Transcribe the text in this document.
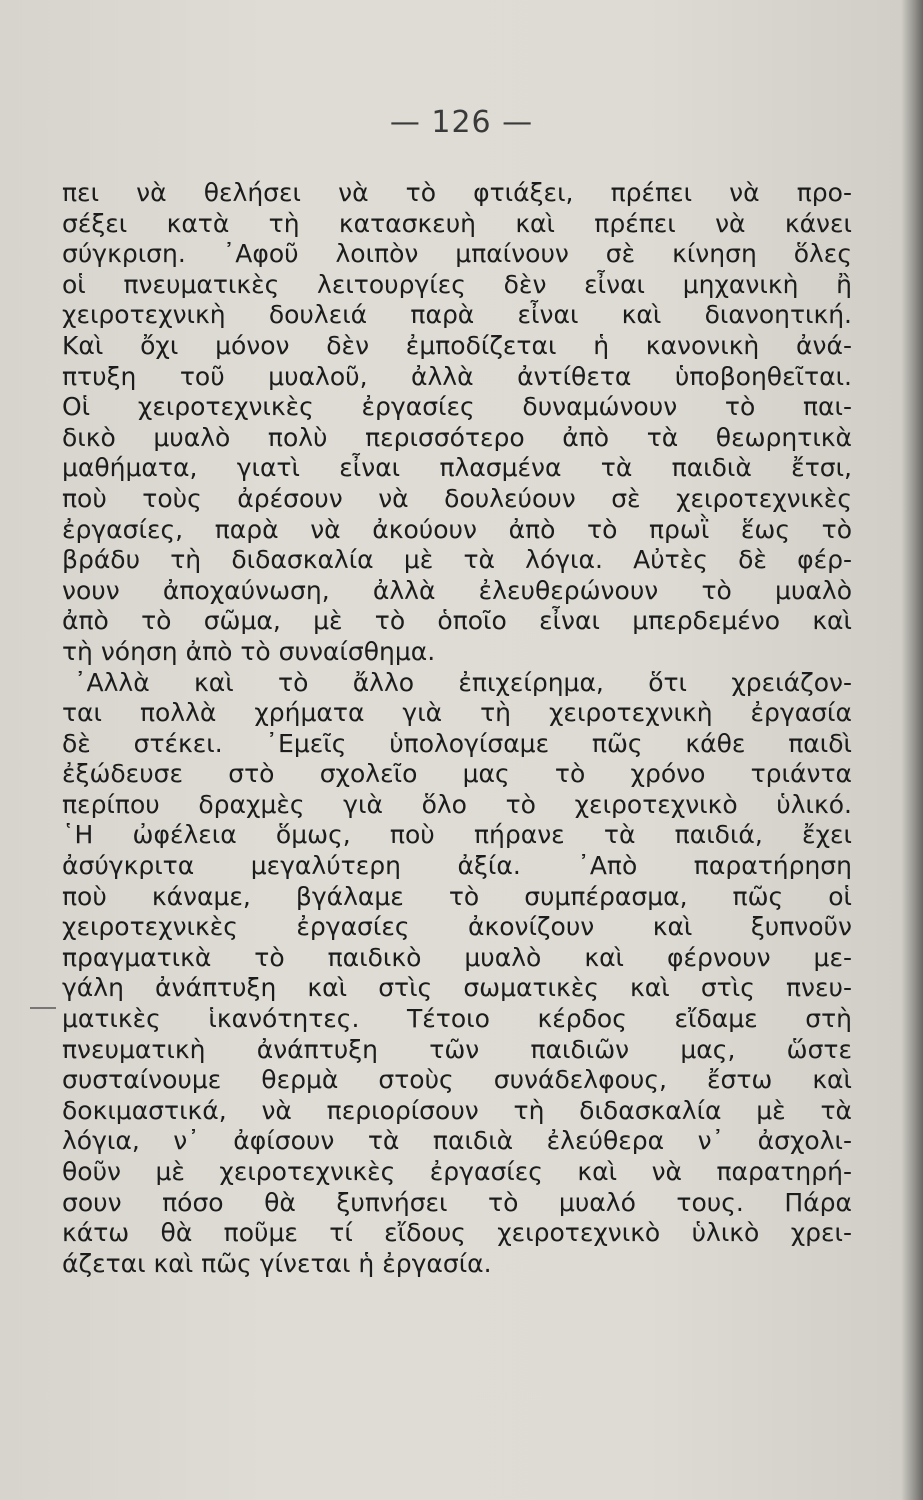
— 126 —
πει νὰ θελήσει νὰ τὸ φτιάξει, πρέπει νὰ προ-
σέξει κατὰ τὴ κατασκευὴ καὶ πρέπει νὰ κάνει
σύγκριση. ᾿Αφοῦ λοιπὸν μπαίνουν σὲ κίνηση ὅλες
οἱ πνευματικὲς λειτουργίες δὲν εἶναι μηχανικὴ ἢ
χειροτεχνικὴ δουλειά παρὰ εἶναι καὶ διανοητική.
Καὶ ὄχι μόνον δὲν ἐμποδίζεται ἡ κανονικὴ ἀνά-
πτυξη τοῦ μυαλοῦ, ἀλλὰ ἀντίθετα ὑποβοηθεῖται.
Οἱ χειροτεχνικὲς ἐργασίες δυναμώνουν τὸ παι-
δικὸ μυαλὸ πολὺ περισσότερο ἀπὸ τὰ θεωρητικὰ
μαθήματα, γιατὶ εἶναι πλασμένα τὰ παιδιὰ ἔτσι,
ποὺ τοὺς ἀρέσουν νὰ δουλεύουν σὲ χειροτεχνικὲς
ἐργασίες, παρὰ νὰ ἀκούουν ἀπὸ τὸ πρωῒ ἕως τὸ
βράδυ τὴ διδασκαλία μὲ τὰ λόγια. Αὐτὲς δὲ φέρ-
νουν ἀποχαύνωση, ἀλλὰ ἐλευθερώνουν τὸ μυαλὸ
ἀπὸ τὸ σῶμα, μὲ τὸ ὁποῖο εἶναι μπερδεμένο καὶ
τὴ νόηση ἀπὸ τὸ συναίσθημα.
᾿Αλλὰ καὶ τὸ ἄλλο ἐπιχείρημα, ὅτι χρειάζον-
ται πολλὰ χρήματα γιὰ τὴ χειροτεχνικὴ ἐργασία
δὲ στέκει. ᾿Εμεῖς ὑπολογίσαμε πῶς κάθε παιδὶ
ἐξώδευσε στὸ σχολεῖο μας τὸ χρόνο τριάντα
περίπου δραχμὲς γιὰ ὅλο τὸ χειροτεχνικὸ ὑλικό.
῾Η ὠφέλεια ὅμως, ποὺ πήρανε τὰ παιδιά, ἔχει
ἀσύγκριτα μεγαλύτερη ἀξία. ᾿Απὸ παρατήρηση
ποὺ κάναμε, βγάλαμε τὸ συμπέρασμα, πῶς οἱ
χειροτεχνικὲς ἐργασίες ἀκονίζουν καὶ ξυπνοῦν
πραγματικὰ τὸ παιδικὸ μυαλὸ καὶ φέρνουν με-
γάλη ἀνάπτυξη καὶ στὶς σωματικὲς καὶ στὶς πνευ-
ματικὲς ἱκανότητες. Τέτοιο κέρδος εἴδαμε στὴ
πνευματικὴ ἀνάπτυξη τῶν παιδιῶν μας, ὥστε
συσταίνουμε θερμὰ στοὺς συνάδελφους, ἔστω καὶ
δοκιμαστικά, νὰ περιορίσουν τὴ διδασκαλία μὲ τὰ
λόγια, ν᾿ ἀφίσουν τὰ παιδιὰ ἐλεύθερα ν᾿ ἀσχολι-
θοῦν μὲ χειροτεχνικὲς ἐργασίες καὶ νὰ παρατηρή-
σουν πόσο θὰ ξυπνήσει τὸ μυαλό τους. Πάρα
κάτω θὰ ποῦμε τί εἴδους χειροτεχνικὸ ὑλικὸ χρει-
άζεται καὶ πῶς γίνεται ἡ ἐργασία.
